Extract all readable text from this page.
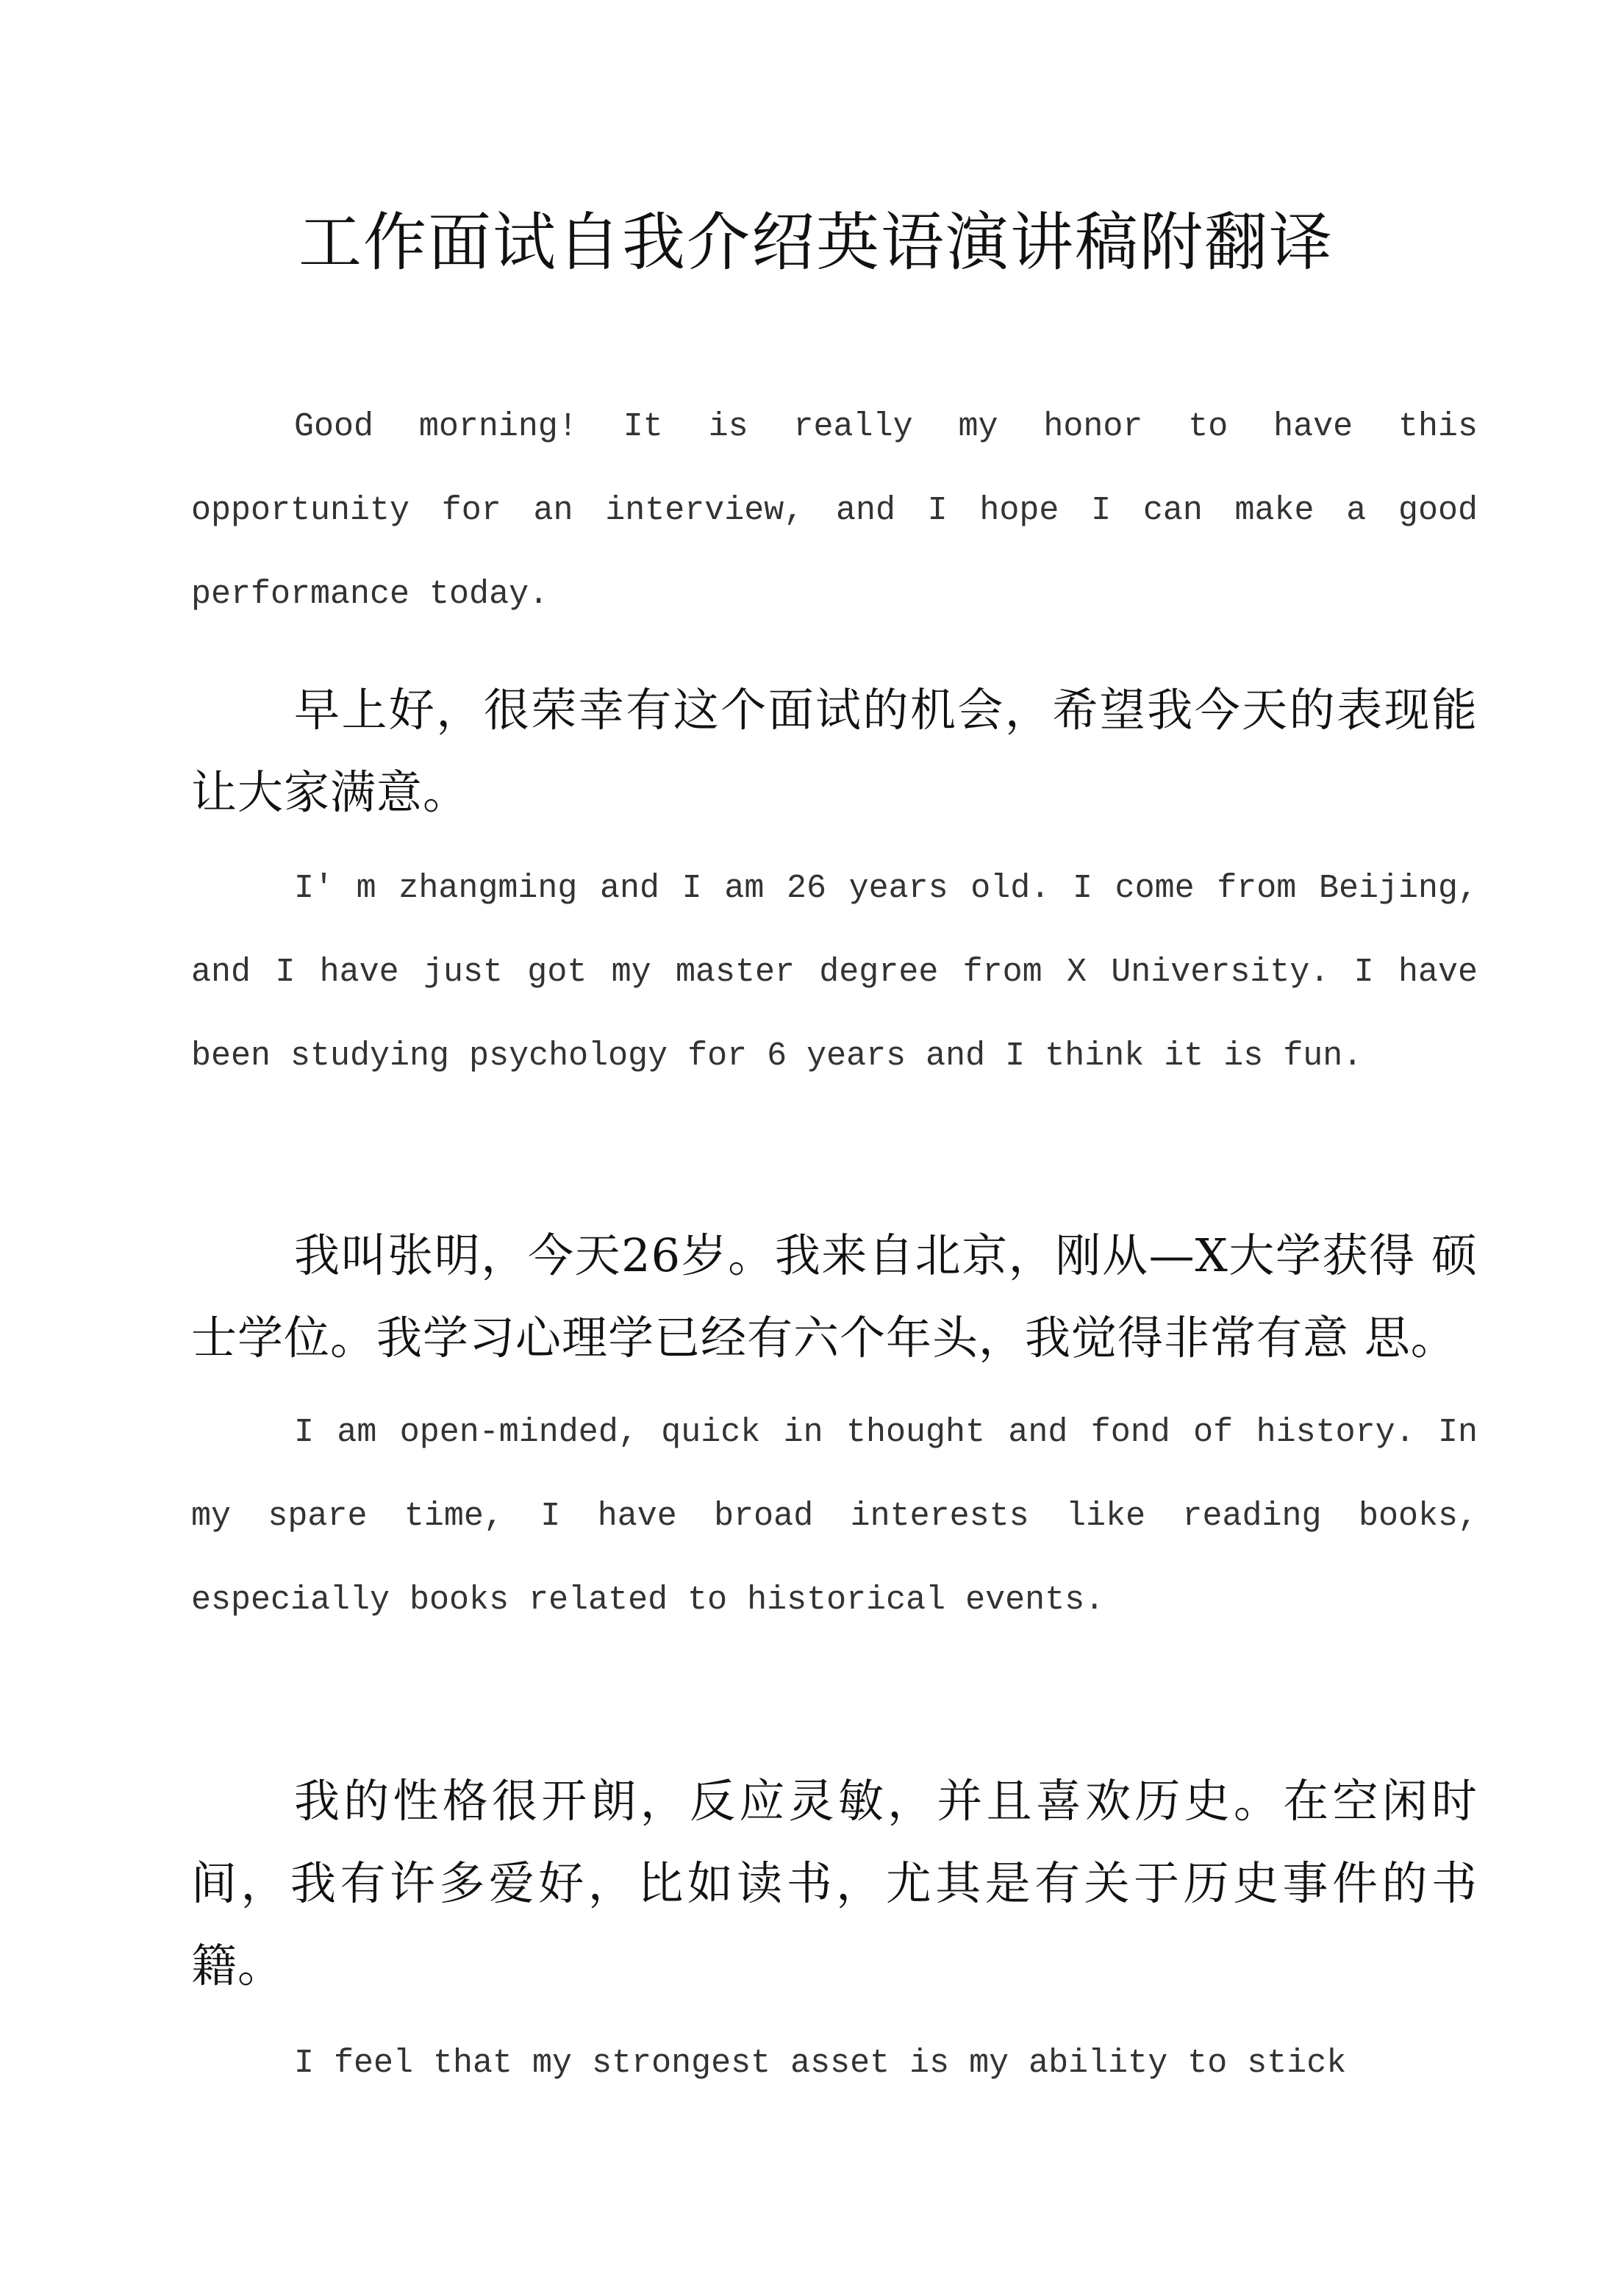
工作面试自我介绍英语演讲稿附翻译

Good morning! It is really my honor to have this opportunity for an interview, and I hope I can make a good performance today.

早上好，很荣幸有这个面试的机会，希望我今天的表现能让大家满意。

I' m zhangming and I am 26 years old. I come from Beijing, and I have just got my master degree from X University. I have been studying psychology for 6 years and I think it is fun.

我叫张明，今天26岁。我来自北京，刚从—X大学获得 硕士学位。我学习心理学已经有六个年头，我觉得非常有意 思。

I am open-minded, quick in thought and fond of history. In my spare time, I have broad interests like reading books, especially books related to historical events.

我的性格很开朗，反应灵敏，并且喜欢历史。在空闲时间，我有许多爱好，比如读书，尤其是有关于历史事件的书籍。

I feel that my strongest asset is my ability to stick
